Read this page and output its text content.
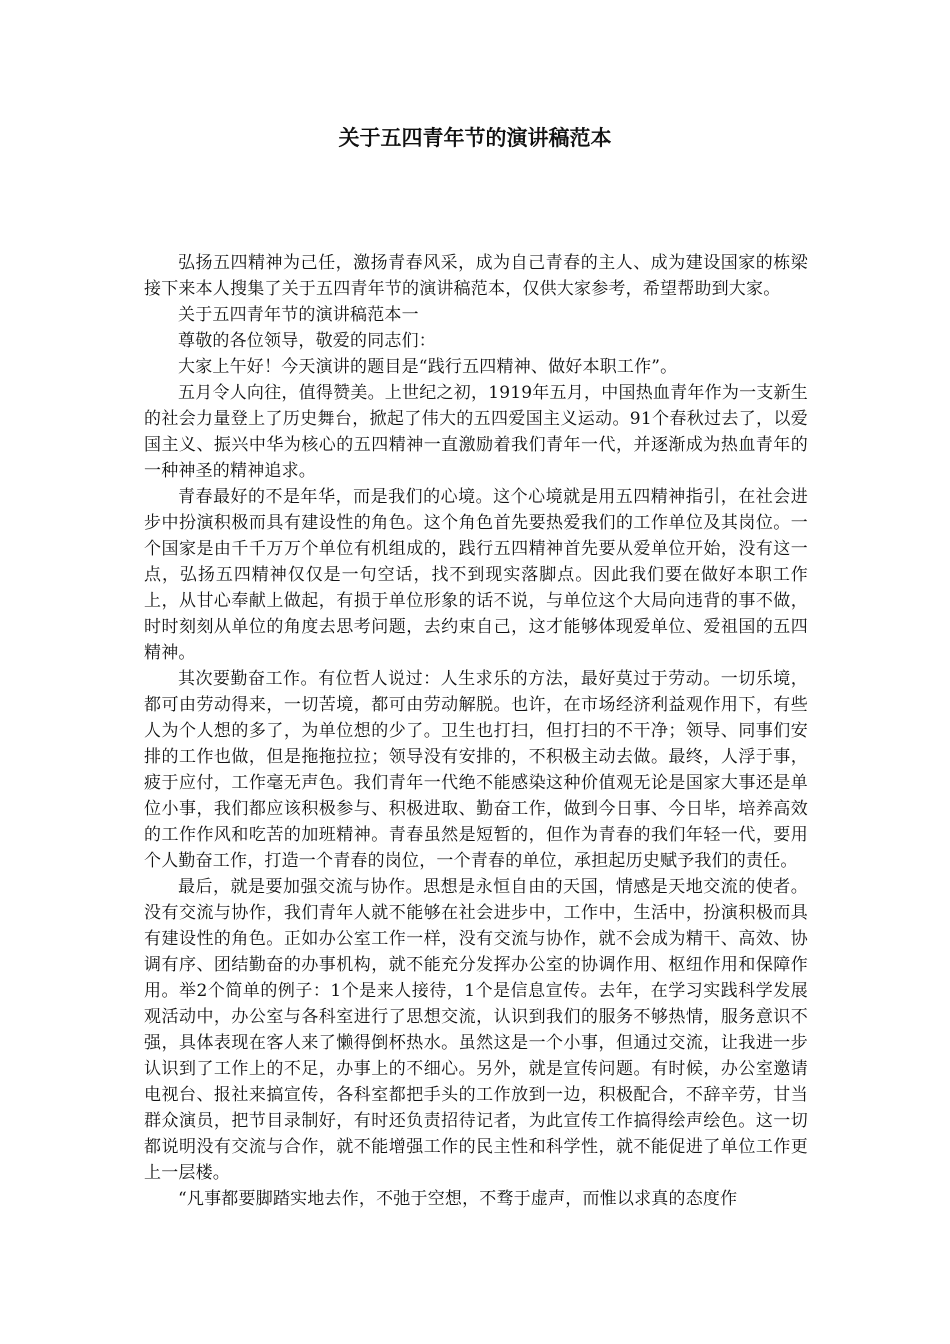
关于五四青年节的演讲稿范本

弘扬五四精神为己任，激扬青春风采，成为自己青春的主人、成为建设国家的栋梁接下来本人搜集了关于五四青年节的演讲稿范本，仅供大家参考，希望帮助到大家。

关于五四青年节的演讲稿范本一

尊敬的各位领导，敬爱的同志们：

大家上午好！今天演讲的题目是“践行五四精神、做好本职工作”。

五月令人向往，值得赞美。上世纪之初，1919年五月，中国热血青年作为一支新生的社会力量登上了历史舞台，掀起了伟大的五四爱国主义运动。91个春秋过去了，以爱国主义、振兴中华为核心的五四精神一直激励着我们青年一代，并逐渐成为热血青年的一种神圣的精神追求。

青春最好的不是年华，而是我们的心境。这个心境就是用五四精神指引，在社会进步中扮演积极而具有建设性的角色。这个角色首先要热爱我们的工作单位及其岗位。一个国家是由千千万万个单位有机组成的，践行五四精神首先要从爱单位开始，没有这一点，弘扬五四精神仅仅是一句空话，找不到现实落脚点。因此我们要在做好本职工作上，从甘心奉献上做起，有损于单位形象的话不说，与单位这个大局向违背的事不做，时时刻刻从单位的角度去思考问题，去约束自己，这才能够体现爱单位、爱祖国的五四精神。

其次要勤奋工作。有位哲人说过：人生求乐的方法，最好莫过于劳动。一切乐境，都可由劳动得来，一切苦境，都可由劳动解脱。也许，在市场经济利益观作用下，有些人为个人想的多了，为单位想的少了。卫生也打扫，但打扫的不干净；领导、同事们安排的工作也做，但是拖拖拉拉；领导没有安排的，不积极主动去做。最终，人浮于事，疲于应付，工作毫无声色。我们青年一代绝不能感染这种价值观无论是国家大事还是单位小事，我们都应该积极参与、积极进取、勤奋工作，做到今日事、今日毕，培养高效的工作作风和吃苦的加班精神。青春虽然是短暂的，但作为青春的我们年轻一代，要用个人勤奋工作，打造一个青春的岗位，一个青春的单位，承担起历史赋予我们的责任。

最后，就是要加强交流与协作。思想是永恒自由的天国，情感是天地交流的使者。没有交流与协作，我们青年人就不能够在社会进步中，工作中，生活中，扮演积极而具有建设性的角色。正如办公室工作一样，没有交流与协作，就不会成为精干、高效、协调有序、团结勤奋的办事机构，就不能充分发挥办公室的协调作用、枢纽作用和保障作用。举2个简单的例子：1个是来人接待，1个是信息宣传。去年，在学习实践科学发展观活动中，办公室与各科室进行了思想交流，认识到我们的服务不够热情，服务意识不强，具体表现在客人来了懒得倒杯热水。虽然这是一个小事，但通过交流，让我进一步认识到了工作上的不足，办事上的不细心。另外，就是宣传问题。有时候，办公室邀请电视台、报社来搞宣传，各科室都把手头的工作放到一边，积极配合，不辞辛劳，甘当群众演员，把节目录制好，有时还负责招待记者，为此宣传工作搞得绘声绘色。这一切都说明没有交流与合作，就不能增强工作的民主性和科学性，就不能促进了单位工作更上一层楼。

“凡事都要脚踏实地去作，不弛于空想，不骛于虚声，而惟以求真的态度作
